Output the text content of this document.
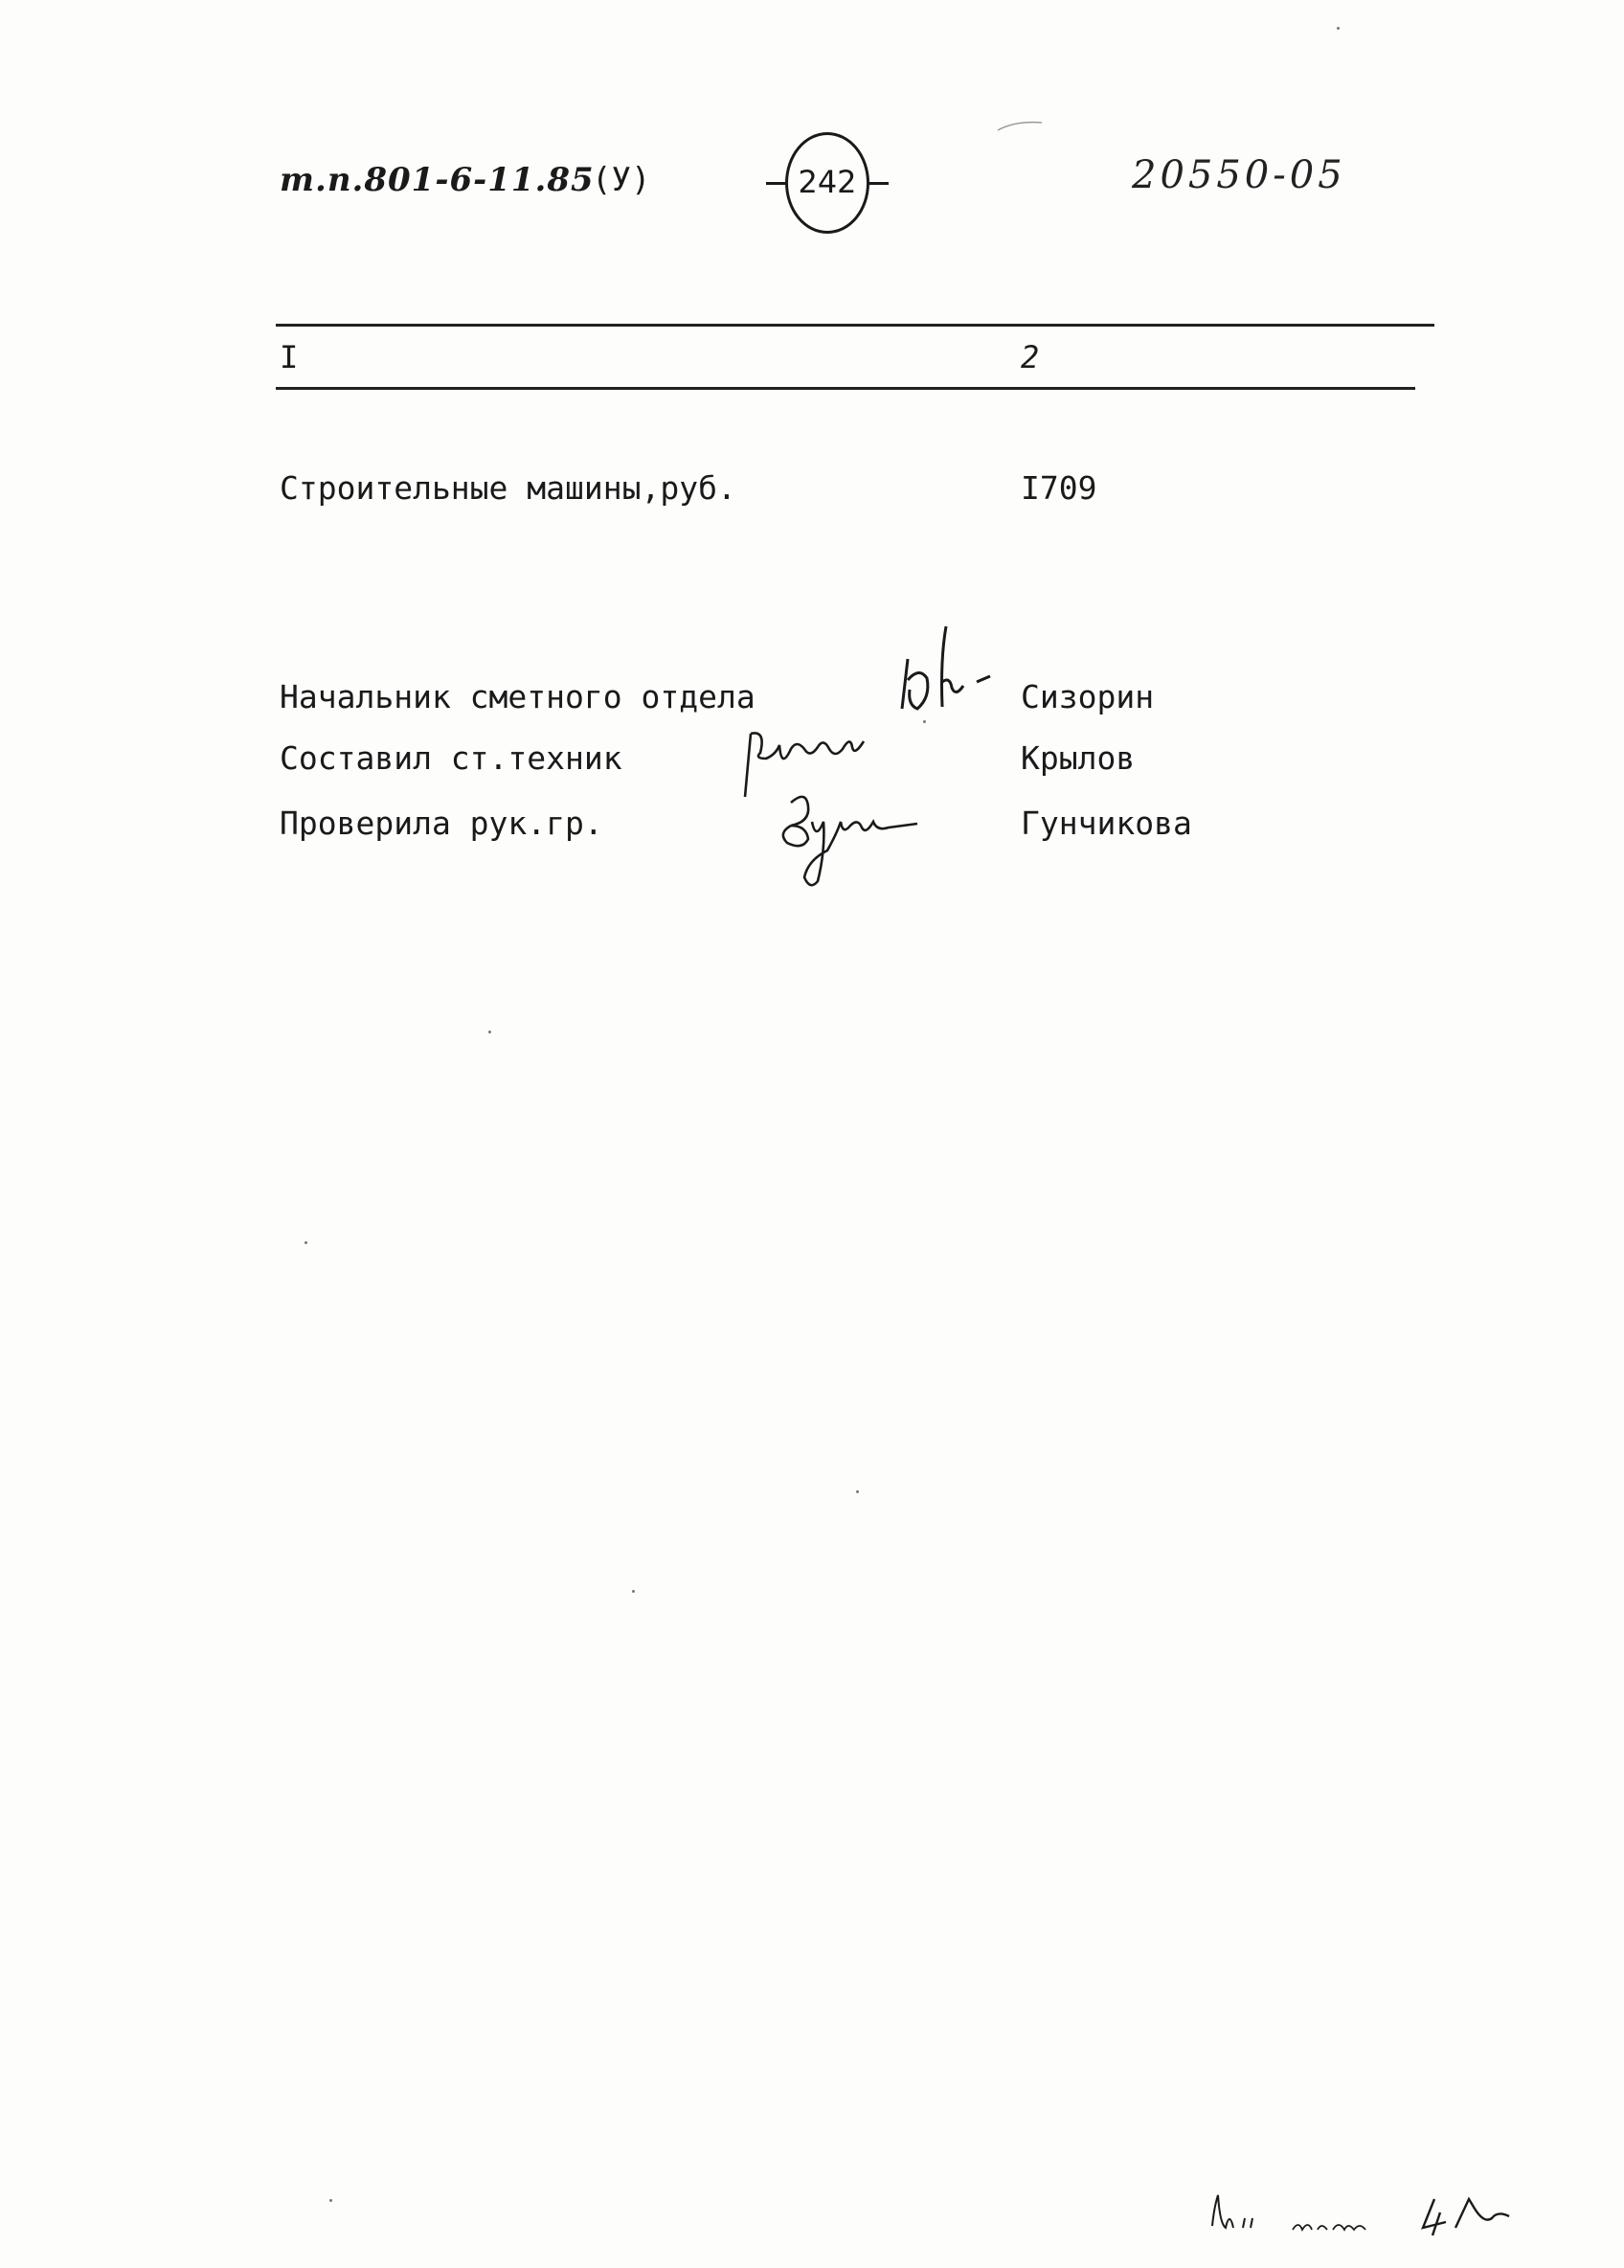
т.п.801-6-11.85
(У)	242	20550-05
I	2
Строительные машины,руб.	I709
Начальник сметного отдела	Сизорин
Составил ст.техник	Крылов
Проверила рук.гр.	Гунчикова
